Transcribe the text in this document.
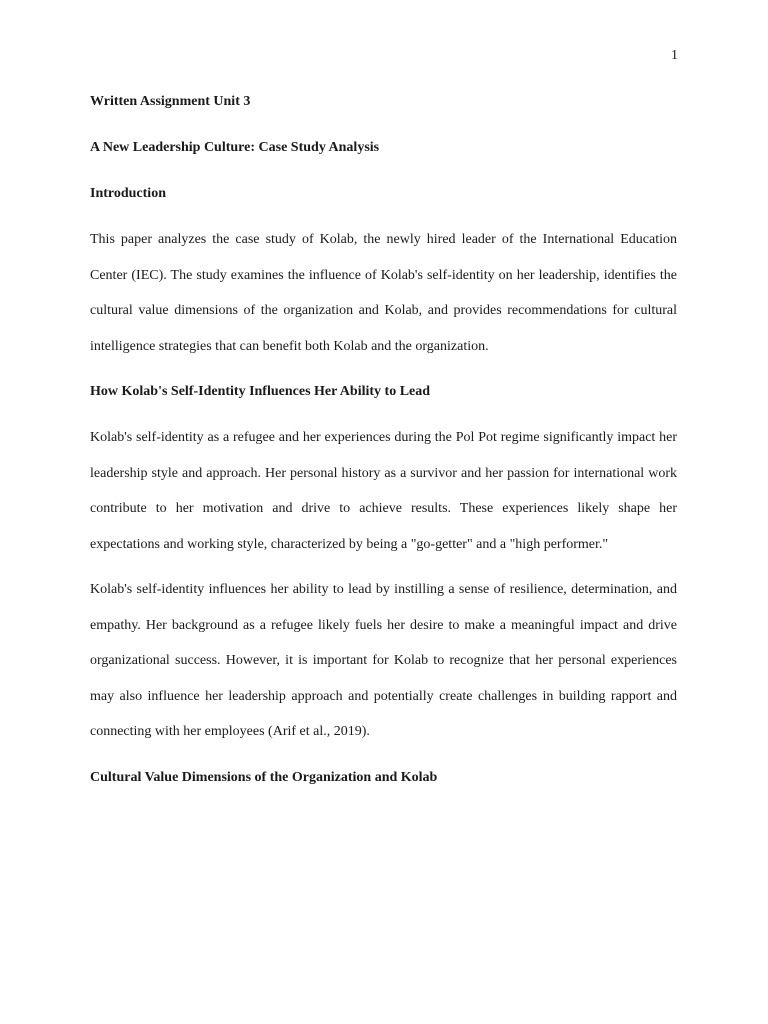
1
Written Assignment Unit 3
A New Leadership Culture: Case Study Analysis
Introduction

This paper analyzes the case study of Kolab, the newly hired leader of the International Education Center (IEC). The study examines the influence of Kolab's self-identity on her leadership, identifies the cultural value dimensions of the organization and Kolab, and provides recommendations for cultural intelligence strategies that can benefit both Kolab and the organization.

How Kolab's Self-Identity Influences Her Ability to Lead

Kolab's self-identity as a refugee and her experiences during the Pol Pot regime significantly impact her leadership style and approach. Her personal history as a survivor and her passion for international work contribute to her motivation and drive to achieve results. These experiences likely shape her expectations and working style, characterized by being a "go-getter" and a "high performer."

Kolab's self-identity influences her ability to lead by instilling a sense of resilience, determination, and empathy. Her background as a refugee likely fuels her desire to make a meaningful impact and drive organizational success. However, it is important for Kolab to recognize that her personal experiences may also influence her leadership approach and potentially create challenges in building rapport and connecting with her employees (Arif et al., 2019).

Cultural Value Dimensions of the Organization and Kolab
